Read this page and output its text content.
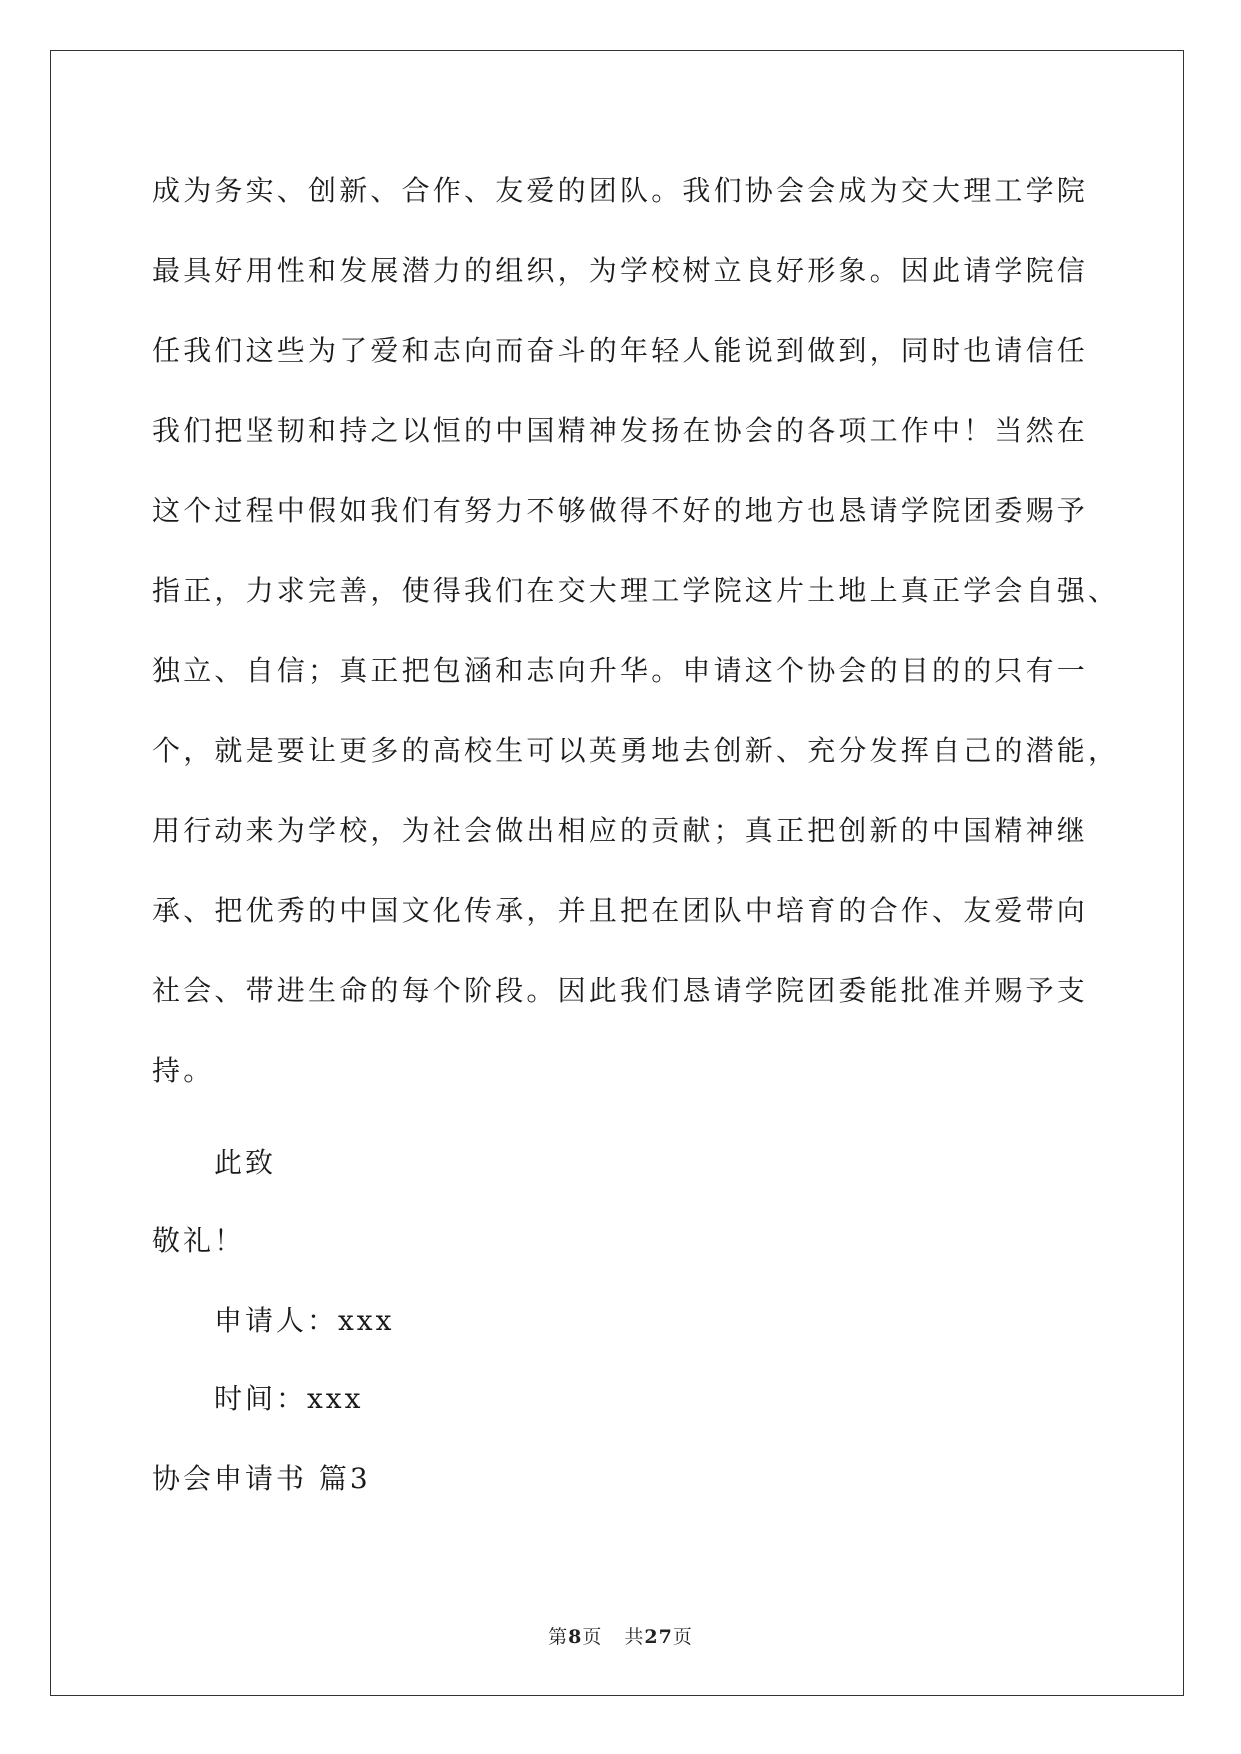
成为务实、创新、合作、友爱的团队。我们协会会成为交大理工学院
最具好用性和发展潜力的组织，为学校树立良好形象。因此请学院信
任我们这些为了爱和志向而奋斗的年轻人能说到做到，同时也请信任
我们把坚韧和持之以恒的中国精神发扬在协会的各项工作中！当然在
这个过程中假如我们有努力不够做得不好的地方也恳请学院团委赐予
指正，力求完善，使得我们在交大理工学院这片土地上真正学会自强、
独立、自信；真正把包涵和志向升华。申请这个协会的目的的只有一
个，就是要让更多的高校生可以英勇地去创新、充分发挥自己的潜能，
用行动来为学校，为社会做出相应的贡献；真正把创新的中国精神继
承、把优秀的中国文化传承，并且把在团队中培育的合作、友爱带向
社会、带进生命的每个阶段。因此我们恳请学院团委能批准并赐予支
持。
此致
敬礼！
申请人：xxx
时间：xxx
协会申请书 篇3
第8页 共27页
